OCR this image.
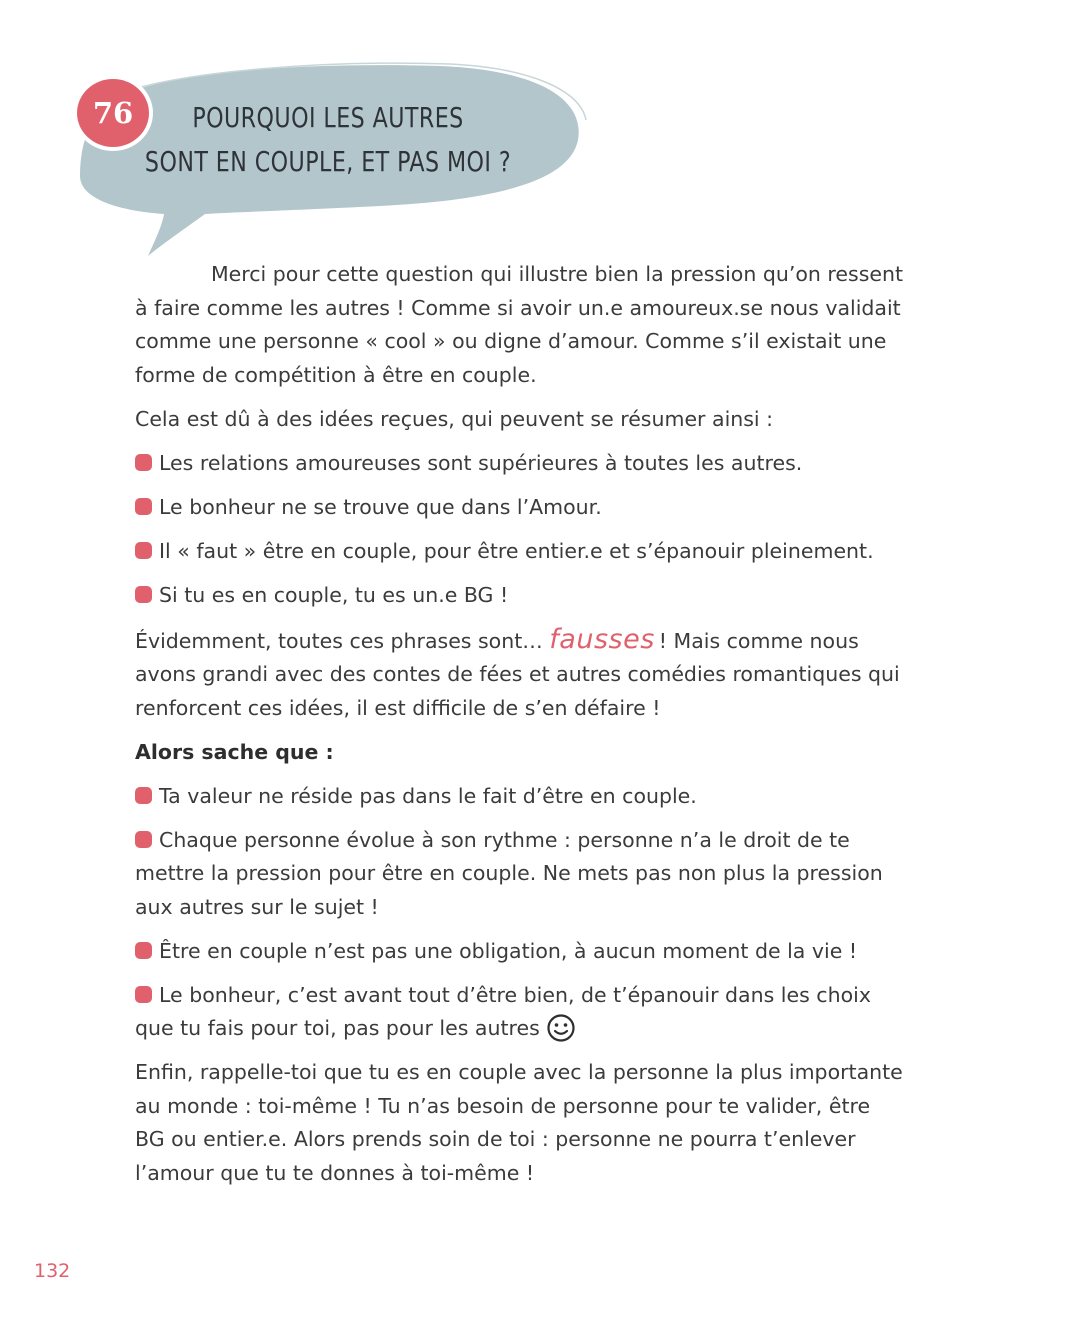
76	POURQUOI LES AUTRES
SONT EN COUPLE, ET PAS MOI ?

Merci pour cette question qui illustre bien la pression qu’on ressent à faire comme les autres ! Comme si avoir un.e amoureux.se nous validait comme une personne « cool » ou digne d’amour. Comme s’il existait une forme de compétition à être en couple.

Cela est dû à des idées reçues, qui peuvent se résumer ainsi :

Les relations amoureuses sont supérieures à toutes les autres.

Le bonheur ne se trouve que dans l’Amour.

Il « faut » être en couple, pour être entier.e et s’épanouir pleinement.

Si tu es en couple, tu es un.e BG !

Évidemment, toutes ces phrases sont… fausses ! Mais comme nous avons grandi avec des contes de fées et autres comédies romantiques qui renforcent ces idées, il est difficile de s’en défaire !

Alors sache que :

Ta valeur ne réside pas dans le fait d’être en couple.

Chaque personne évolue à son rythme : personne n’a le droit de te mettre la pression pour être en couple. Ne mets pas non plus la pression aux autres sur le sujet !

Être en couple n’est pas une obligation, à aucun moment de la vie !

Le bonheur, c’est avant tout d’être bien, de t’épanouir dans les choix que tu fais pour toi, pas pour les autres

Enfin, rappelle-toi que tu es en couple avec la personne la plus importante au monde : toi-même ! Tu n’as besoin de personne pour te valider, être BG ou entier.e. Alors prends soin de toi : personne ne pourra t’enlever l’amour que tu te donnes à toi-même !

132
